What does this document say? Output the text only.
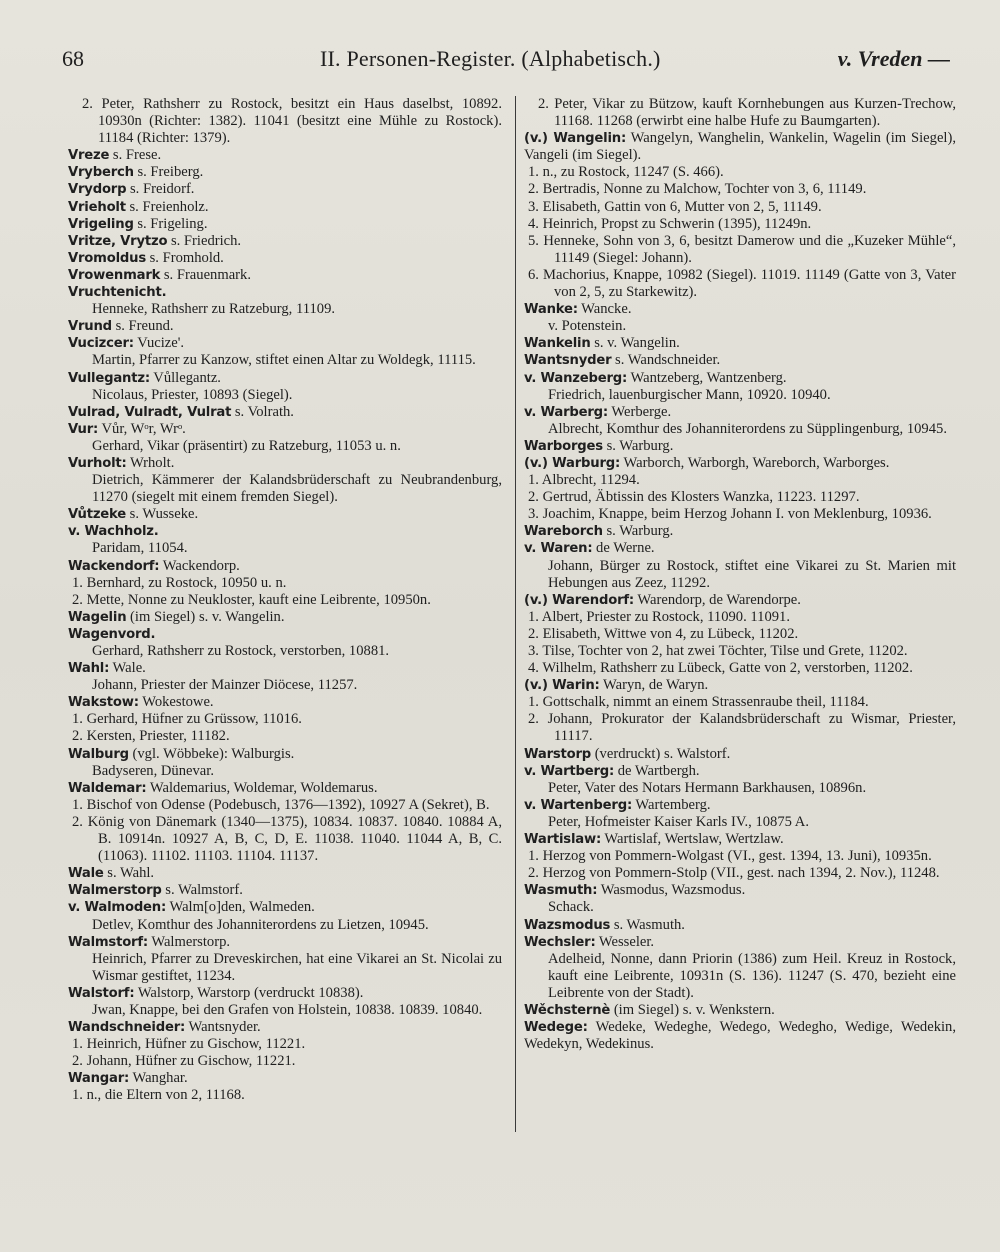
68	II. Personen-Register. (Alphabetisch.)	v. Vreden —

2. Peter, Rathsherr zu Rostock, besitzt ein Haus daselbst, 10892. 10930n (Richter: 1382). 11041 (besitzt eine Mühle zu Rostock). 11184 (Richter: 1379).

Vreze s. Frese.

Vryberch s. Freiberg.

Vrydorp s. Freidorf.

Vrieholt s. Freienholz.

Vrigeling s. Frigeling.

Vritze, Vrytzo s. Friedrich.

Vromoldus s. Fromhold.

Vrowenmark s. Frauenmark.

Vruchtenicht.

Henneke, Rathsherr zu Ratzeburg, 11109.

Vrund s. Freund.

Vucizcer: Vucize'.

Martin, Pfarrer zu Kanzow, stiftet einen Altar zu Woldegk, 11115.

Vullegantz: Vůllegantz.

Nicolaus, Priester, 10893 (Siegel).

Vulrad, Vulradt, Vulrat s. Volrath.

Vur: Vůr, Wᵒr, Wrᵒ.

Gerhard, Vikar (präsentirt) zu Ratzeburg, 11053 u. n.

Vurholt: Wrholt.

Dietrich, Kämmerer der Kalandsbrüderschaft zu Neubrandenburg, 11270 (siegelt mit einem fremden Siegel).

Vůtzeke s. Wusseke.

v. Wachholz.

Paridam, 11054.

Wackendorf: Wackendorp.

1. Bernhard, zu Rostock, 10950 u. n.

2. Mette, Nonne zu Neukloster, kauft eine Leibrente, 10950n.

Wagelin (im Siegel) s. v. Wangelin.

Wagenvord.

Gerhard, Rathsherr zu Rostock, verstorben, 10881.

Wahl: Wale.

Johann, Priester der Mainzer Diöcese, 11257.

Wakstow: Wokestowe.

1. Gerhard, Hüfner zu Grüssow, 11016.

2. Kersten, Priester, 11182.

Walburg (vgl. Wöbbeke): Walburgis.

Badyseren, Dünevar.

Waldemar: Waldemarius, Woldemar, Woldemarus.

1. Bischof von Odense (Podebusch, 1376—1392), 10927 A (Sekret), B.

2. König von Dänemark (1340—1375), 10834. 10837. 10840. 10884 A, B. 10914n. 10927 A, B, C, D, E. 11038. 11040. 11044 A, B, C. (11063). 11102. 11103. 11104. 11137.

Wale s. Wahl.

Walmerstorp s. Walmstorf.

v. Walmoden: Walm[o]den, Walmeden.

Detlev, Komthur des Johanniterordens zu Lietzen, 10945.

Walmstorf: Walmerstorp.

Heinrich, Pfarrer zu Dreveskirchen, hat eine Vikarei an St. Nicolai zu Wismar gestiftet, 11234.

Walstorf: Walstorp, Warstorp (verdruckt 10838).

Jwan, Knappe, bei den Grafen von Holstein, 10838. 10839. 10840.

Wandschneider: Wantsnyder.

1. Heinrich, Hüfner zu Gischow, 11221.

2. Johann, Hüfner zu Gischow, 11221.

Wangar: Wanghar.

1. n., die Eltern von 2, 11168.

2. Peter, Vikar zu Bützow, kauft Kornhebungen aus Kurzen-Trechow, 11168. 11268 (erwirbt eine halbe Hufe zu Baumgarten).

(v.) Wangelin: Wangelyn, Wanghelin, Wankelin, Wagelin (im Siegel), Vangeli (im Siegel).

1. n., zu Rostock, 11247 (S. 466).

2. Bertradis, Nonne zu Malchow, Tochter von 3, 6, 11149.

3. Elisabeth, Gattin von 6, Mutter von 2, 5, 11149.

4. Heinrich, Propst zu Schwerin (1395), 11249n.

5. Henneke, Sohn von 3, 6, besitzt Damerow und die „Kuzeker Mühle“, 11149 (Siegel: Johann).

6. Machorius, Knappe, 10982 (Siegel). 11019. 11149 (Gatte von 3, Vater von 2, 5, zu Starkewitz).

Wanke: Wancke.

v. Potenstein.

Wankelin s. v. Wangelin.

Wantsnyder s. Wandschneider.

v. Wanzeberg: Wantzeberg, Wantzenberg.

Friedrich, lauenburgischer Mann, 10920. 10940.

v. Warberg: Werberge.

Albrecht, Komthur des Johanniterordens zu Süpplingenburg, 10945.

Warborges s. Warburg.

(v.) Warburg: Warborch, Warborgh, Wareborch, Warborges.

1. Albrecht, 11294.

2. Gertrud, Äbtissin des Klosters Wanzka, 11223. 11297.

3. Joachim, Knappe, beim Herzog Johann I. von Meklenburg, 10936.

Wareborch s. Warburg.

v. Waren: de Werne.

Johann, Bürger zu Rostock, stiftet eine Vikarei zu St. Marien mit Hebungen aus Zeez, 11292.

(v.) Warendorf: Warendorp, de Warendorpe.

1. Albert, Priester zu Rostock, 11090. 11091.

2. Elisabeth, Wittwe von 4, zu Lübeck, 11202.

3. Tilse, Tochter von 2, hat zwei Töchter, Tilse und Grete, 11202.

4. Wilhelm, Rathsherr zu Lübeck, Gatte von 2, verstorben, 11202.

(v.) Warin: Waryn, de Waryn.

1. Gottschalk, nimmt an einem Strassenraube theil, 11184.

2. Johann, Prokurator der Kalandsbrüderschaft zu Wismar, Priester, 11117.

Warstorp (verdruckt) s. Walstorf.

v. Wartberg: de Wartbergh.

Peter, Vater des Notars Hermann Barkhausen, 10896n.

v. Wartenberg: Wartemberg.

Peter, Hofmeister Kaiser Karls IV., 10875 A.

Wartislaw: Wartislaf, Wertslaw, Wertzlaw.

1. Herzog von Pommern-Wolgast (VI., gest. 1394, 13. Juni), 10935n.

2. Herzog von Pommern-Stolp (VII., gest. nach 1394, 2. Nov.), 11248.

Wasmuth: Wasmodus, Wazsmodus.

Schack.

Wazsmodus s. Wasmuth.

Wechsler: Wesseler.

Adelheid, Nonne, dann Priorin (1386) zum Heil. Kreuz in Rostock, kauft eine Leibrente, 10931n (S. 136). 11247 (S. 470, bezieht eine Leibrente von der Stadt).

Wěchsternè (im Siegel) s. v. Wenkstern.

Wedege: Wedeke, Wedeghe, Wedego, Wedegho, Wedige, Wedekin, Wedekyn, Wedekinus.
